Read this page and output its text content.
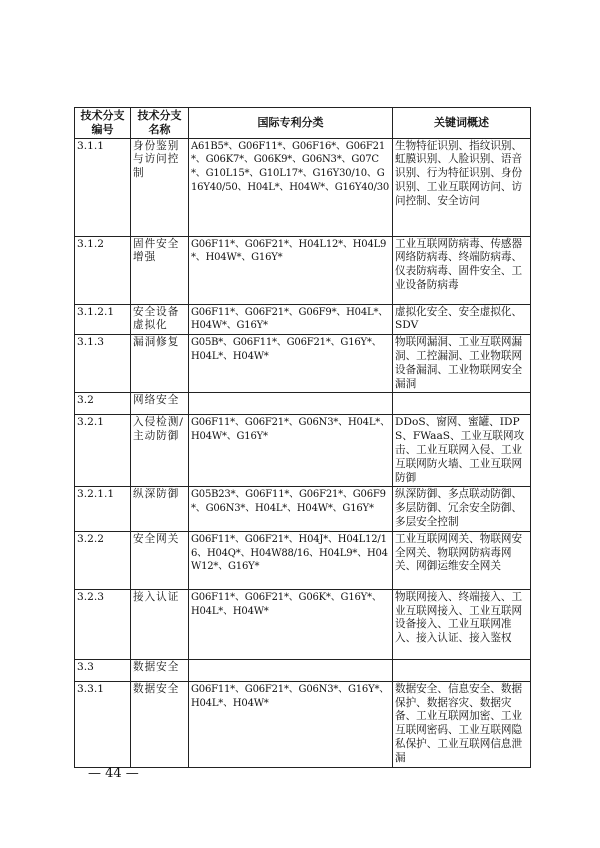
技术分支编号	技术分支名称	国际专利分类	关键词概述
3.1.1	身份鉴别与访问控制	A61B5*、G06F11*、G06F16*、G06F21*、G06K7*、G06K9*、G06N3*、G07C*、G10L15*、G10L17*、G16Y30/10、G16Y40/50、H04L*、H04W*、G16Y40/30	生物特征识别、指纹识别、虹膜识别、人脸识别、语音识别、行为特征识别、身份识别、工业互联网访问、访问控制、安全访问
3.1.2	固件安全增强	G06F11*、G06F21*、H04L12*、H04L9*、H04W*、G16Y*	工业互联网防病毒、传感器网络防病毒、终端防病毒、仪表防病毒、固件安全、工业设备防病毒
3.1.2.1	安全设备虚拟化	G06F11*、G06F21*、G06F9*、H04L*、H04W*、G16Y*	虚拟化安全、安全虚拟化、SDV
3.1.3	漏洞修复	G05B*、G06F11*、G06F21*、G16Y*、H04L*、H04W*	物联网漏洞、工业互联网漏洞、工控漏洞、工业物联网设备漏洞、工业物联网安全漏洞
3.2	网络安全		
3.2.1	入侵检测/主动防御	G06F11*、G06F21*、G06N3*、H04L*、H04W*、G16Y*	DDoS、窗网、蜜罐、IDPS、FWaaS、工业互联网攻击、工业互联网入侵、工业互联网防火墙、工业互联网防御
3.2.1.1	纵深防御	G05B23*、G06F11*、G06F21*、G06F9*、G06N3*、H04L*、H04W*、G16Y*	纵深防御、多点联动防御、多层防御、冗余安全防御、多层安全控制
3.2.2	安全网关	G06F11*、G06F21*、H04J*、H04L12/16、H04Q*、H04W88/16、H04L9*、H04W12*、G16Y*	工业互联网网关、物联网安全网关、物联网防病毒网关、网御运维安全网关
3.2.3	接入认证	G06F11*、G06F21*、G06K*、G16Y*、H04L*、H04W*	物联网接入、终端接入、工业互联网接入、工业互联网设备接入、工业互联网准入、接入认证、接入鉴权
3.3	数据安全		
3.3.1	数据安全	G06F11*、G06F21*、G06N3*、G16Y*、H04L*、H04W*	数据安全、信息安全、数据保护、数据容灾、数据灾备、工业互联网加密、工业互联网密码、工业互联网隐私保护、工业互联网信息泄漏
— 44 —
